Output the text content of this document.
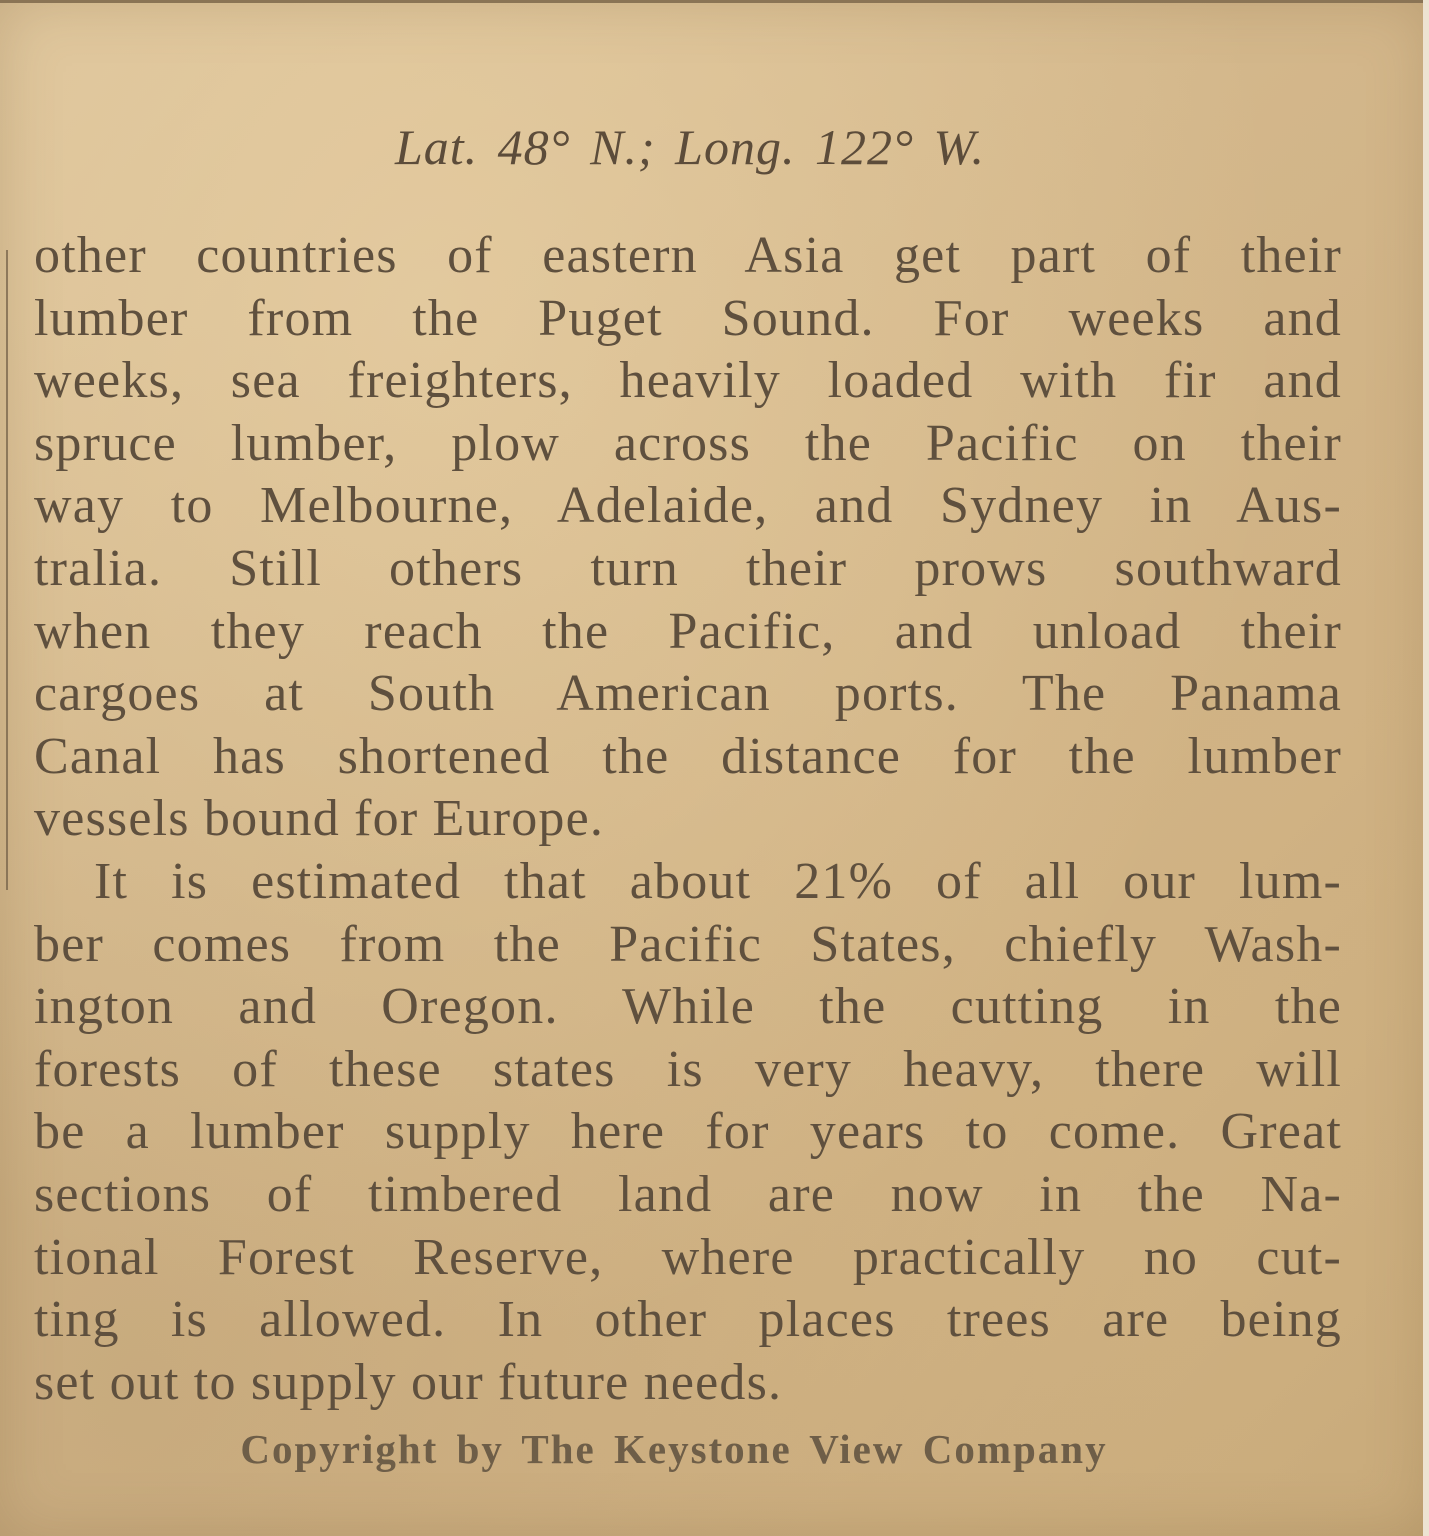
Lat. 48° N.; Long. 122° W.
other countries of eastern Asia get part of their
lumber from the Puget Sound. For weeks and
weeks, sea freighters, heavily loaded with fir and
spruce lumber, plow across the Pacific on their
way to Melbourne, Adelaide, and Sydney in Aus-
tralia. Still others turn their prows southward
when they reach the Pacific, and unload their
cargoes at South American ports. The Panama
Canal has shortened the distance for the lumber
vessels bound for Europe.
It is estimated that about 21% of all our lum-
ber comes from the Pacific States, chiefly Wash-
ington and Oregon. While the cutting in the
forests of these states is very heavy, there will
be a lumber supply here for years to come. Great
sections of timbered land are now in the Na-
tional Forest Reserve, where practically no cut-
ting is allowed. In other places trees are being
set out to supply our future needs.
Copyright by The Keystone View Company
